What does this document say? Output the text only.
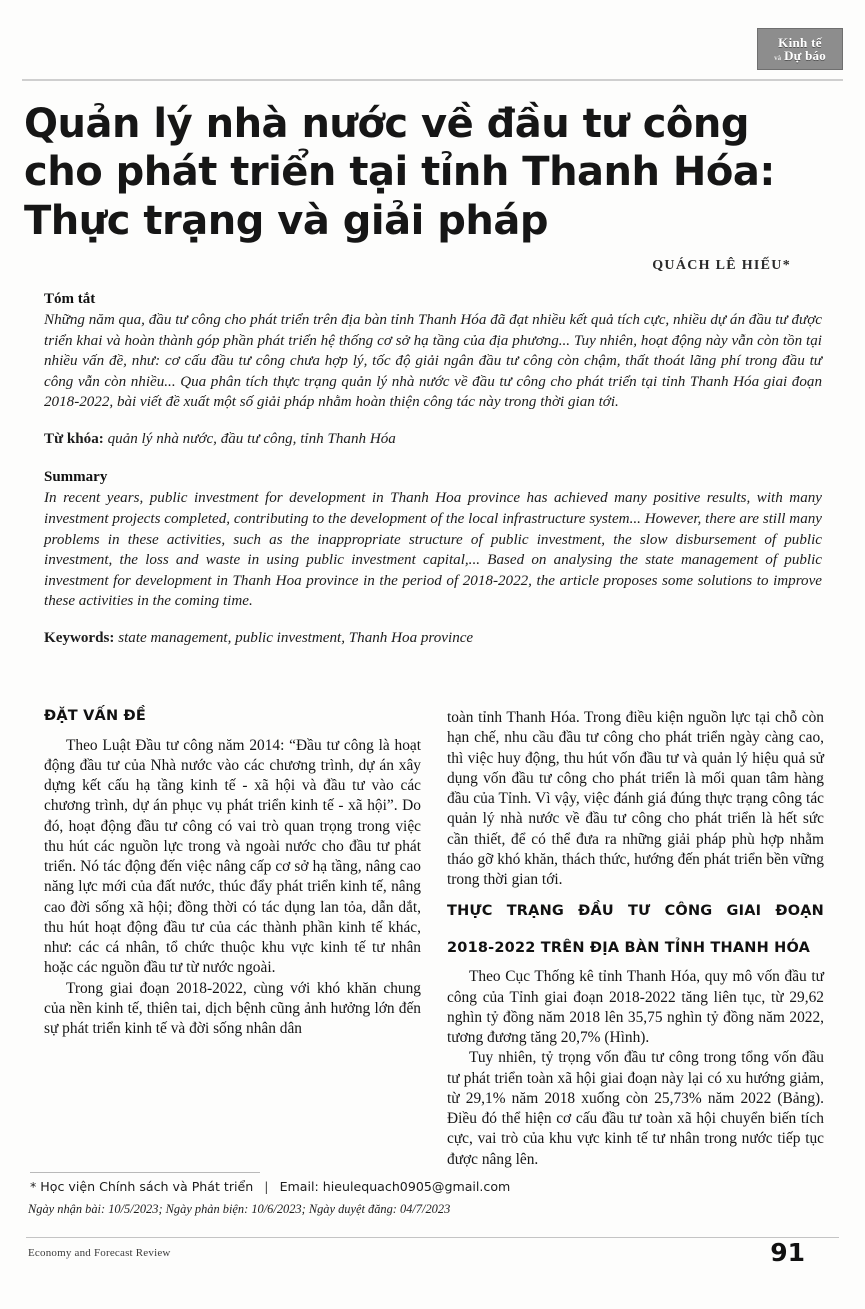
Kinh tế
và Dự báo
Quản lý nhà nước về đầu tư công
cho phát triển tại tỉnh Thanh Hóa:
Thực trạng và giải pháp
QUÁCH LÊ HIẾU*
Tóm tắt
Những năm qua, đầu tư công cho phát triển trên địa bàn tỉnh Thanh Hóa đã đạt nhiều kết quả tích cực, nhiều dự án đầu tư được triển khai và hoàn thành góp phần phát triển hệ thống cơ sở hạ tầng của địa phương... Tuy nhiên, hoạt động này vẫn còn tồn tại nhiều vấn đề, như: cơ cấu đầu tư công chưa hợp lý, tốc độ giải ngân đầu tư công còn chậm, thất thoát lãng phí trong đầu tư công vẫn còn nhiều... Qua phân tích thực trạng quản lý nhà nước về đầu tư công cho phát triển tại tỉnh Thanh Hóa giai đoạn 2018-2022, bài viết đề xuất một số giải pháp nhằm hoàn thiện công tác này trong thời gian tới.
Từ khóa: quản lý nhà nước, đầu tư công, tỉnh Thanh Hóa
Summary
In recent years, public investment for development in Thanh Hoa province has achieved many positive results, with many investment projects completed, contributing to the development of the local infrastructure system... However, there are still many problems in these activities, such as the inappropriate structure of public investment, the slow disbursement of public investment, the loss and waste in using public investment capital,... Based on analysing the state management of public investment for development in Thanh Hoa province in the period of 2018-2022, the article proposes some solutions to improve these activities in the coming time.
Keywords: state management, public investment, Thanh Hoa province
ĐẶT VẤN ĐỀ

Theo Luật Đầu tư công năm 2014: “Đầu tư công là hoạt động đầu tư của Nhà nước vào các chương trình, dự án xây dựng kết cấu hạ tầng kinh tế - xã hội và đầu tư vào các chương trình, dự án phục vụ phát triển kinh tế - xã hội”. Do đó, hoạt động đầu tư công có vai trò quan trọng trong việc thu hút các nguồn lực trong và ngoài nước cho đầu tư phát triển. Nó tác động đến việc nâng cấp cơ sở hạ tầng, nâng cao năng lực mới của đất nước, thúc đẩy phát triển kinh tế, nâng cao đời sống xã hội; đồng thời có tác dụng lan tỏa, dẫn dắt, thu hút hoạt động đầu tư của các thành phần kinh tế khác, như: các cá nhân, tổ chức thuộc khu vực kinh tế tư nhân hoặc các nguồn đầu tư từ nước ngoài.

Trong giai đoạn 2018-2022, cùng với khó khăn chung của nền kinh tế, thiên tai, dịch bệnh cũng ảnh hưởng lớn đến sự phát triển kinh tế và đời sống nhân dân

toàn tỉnh Thanh Hóa. Trong điều kiện nguồn lực tại chỗ còn hạn chế, nhu cầu đầu tư công cho phát triển ngày càng cao, thì việc huy động, thu hút vốn đầu tư và quản lý hiệu quả sử dụng vốn đầu tư công cho phát triển là mối quan tâm hàng đầu của Tỉnh. Vì vậy, việc đánh giá đúng thực trạng công tác quản lý nhà nước về đầu tư công cho phát triển là hết sức cần thiết, để có thể đưa ra những giải pháp phù hợp nhằm tháo gỡ khó khăn, thách thức, hướng đến phát triển bền vững trong thời gian tới.

THỰC TRẠNG ĐẦU TƯ CÔNG GIAI ĐOẠN
2018-2022 TRÊN ĐỊA BÀN TỈNH THANH HÓA

Theo Cục Thống kê tỉnh Thanh Hóa, quy mô vốn đầu tư công của Tỉnh giai đoạn 2018-2022 tăng liên tục, từ 29,62 nghìn tỷ đồng năm 2018 lên 35,75 nghìn tỷ đồng năm 2022, tương đương tăng 20,7% (Hình).

Tuy nhiên, tỷ trọng vốn đầu tư công trong tổng vốn đầu tư phát triển toàn xã hội giai đoạn này lại có xu hướng giảm, từ 29,1% năm 2018 xuống còn 25,73% năm 2022 (Bảng). Điều đó thể hiện cơ cấu đầu tư toàn xã hội chuyển biến tích cực, vai trò của khu vực kinh tế tư nhân trong nước tiếp tục được nâng lên.

* Học viện Chính sách và Phát triển | Email: hieulequach0905@gmail.com
Ngày nhận bài: 10/5/2023; Ngày phản biện: 10/6/2023; Ngày duyệt đăng: 04/7/2023
Economy and Forecast Review	91
